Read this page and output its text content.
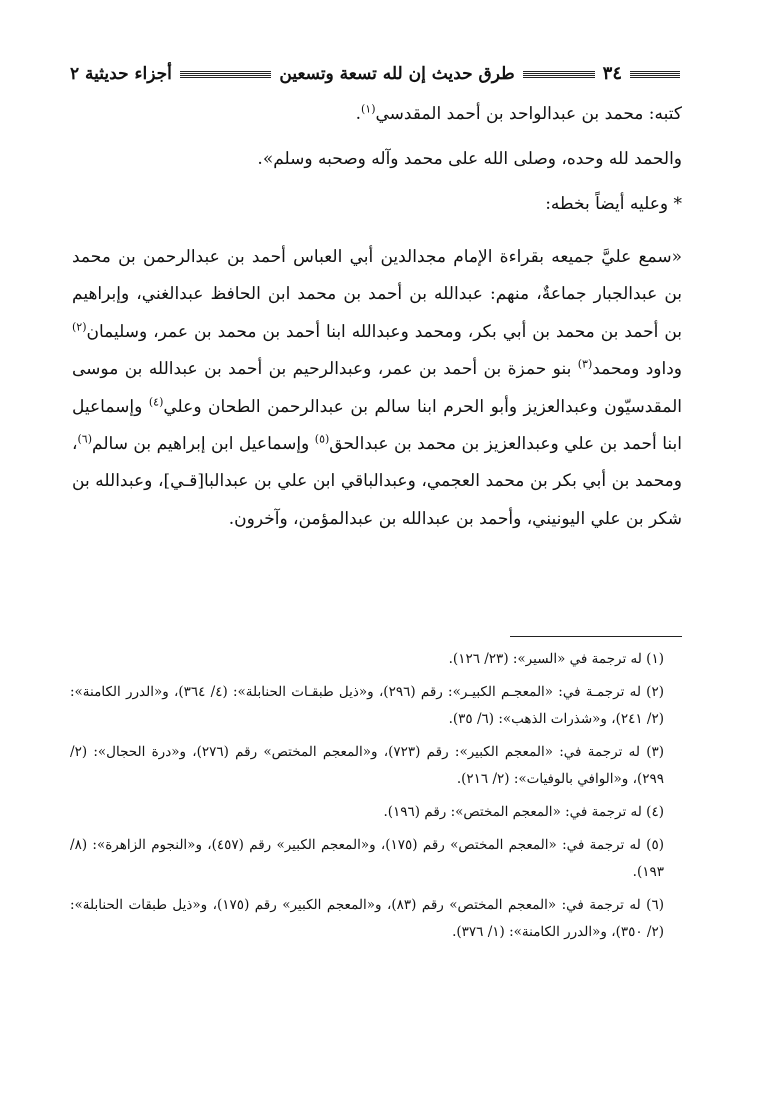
٣٤
طرق حديث إن لله تسعة وتسعين
أجزاء حديثية ٢

كتبه: محمد بن عبدالواحد بن أحمد المقدسي$^{(١)}$.

والحمد لله وحده، وصلى الله على محمد وآله وصحبه وسلم».

* وعليه أيضاً بخطه:

«سمع عليَّ جميعه بقراءة الإمام مجدالدين أبي العباس أحمد بن عبدالرحمن بن محمد بن عبدالجبار جماعةٌ، منهم: عبدالله بن أحمد بن محمد ابن الحافظ عبدالغني، وإبراهيم بن أحمد بن محمد بن أبي بكر، ومحمد وعبدالله ابنا أحمد بن محمد بن عمر، وسليمان$^{(٢)}$ وداود ومحمد$^{(٣)}$ بنو حمزة بن أحمد بن عمر، وعبدالرحيم بن أحمد بن عبدالله بن موسى المقدسيّون وعبدالعزيز وأبو الحرم ابنا سالم بن عبدالرحمن الطحان وعلي$^{(٤)}$ وإسماعيل ابنا أحمد بن علي وعبدالعزيز بن محمد بن عبدالحق$^{(٥)}$ وإسماعيل ابن إبراهيم بن سالم$^{(٦)}$، ومحمد بن أبي بكر بن محمد العجمي، وعبدالباقي ابن علي بن عبدالبا[قـي]، وعبدالله بن شكر بن علي اليونيني، وأحمد بن عبدالله بن عبدالمؤمن، وآخرون.

(١) له ترجمة في «السير»: (٢٣/ ١٢٦).

(٢) له ترجمـة في: «المعجـم الكبيـر»: رقم (٢٩٦)، و«ذيل طبقـات الحنابلة»: (٤/ ٣٦٤)، و«الدرر الكامنة»: (٢/ ٢٤١)، و«شذرات الذهب»: (٦/ ٣٥).

(٣) له ترجمة في: «المعجم الكبير»: رقم (٧٢٣)، و«المعجم المختص» رقم (٢٧٦)، و«درة الحجال»: (٢/ ٢٩٩)، و«الوافي بالوفيات»: (٢/ ٢١٦).

(٤) له ترجمة في: «المعجم المختص»: رقم (١٩٦).

(٥) له ترجمة في: «المعجم المختص» رقم (١٧٥)، و«المعجم الكبير» رقم (٤٥٧)، و«النجوم الزاهرة»: (٨/ ١٩٣).

(٦) له ترجمة في: «المعجم المختص» رقم (٨٣)، و«المعجم الكبير» رقم (١٧٥)، و«ذيل طبقات الحنابلة»: (٢/ ٣٥٠)، و«الدرر الكامنة»: (١/ ٣٧٦).
